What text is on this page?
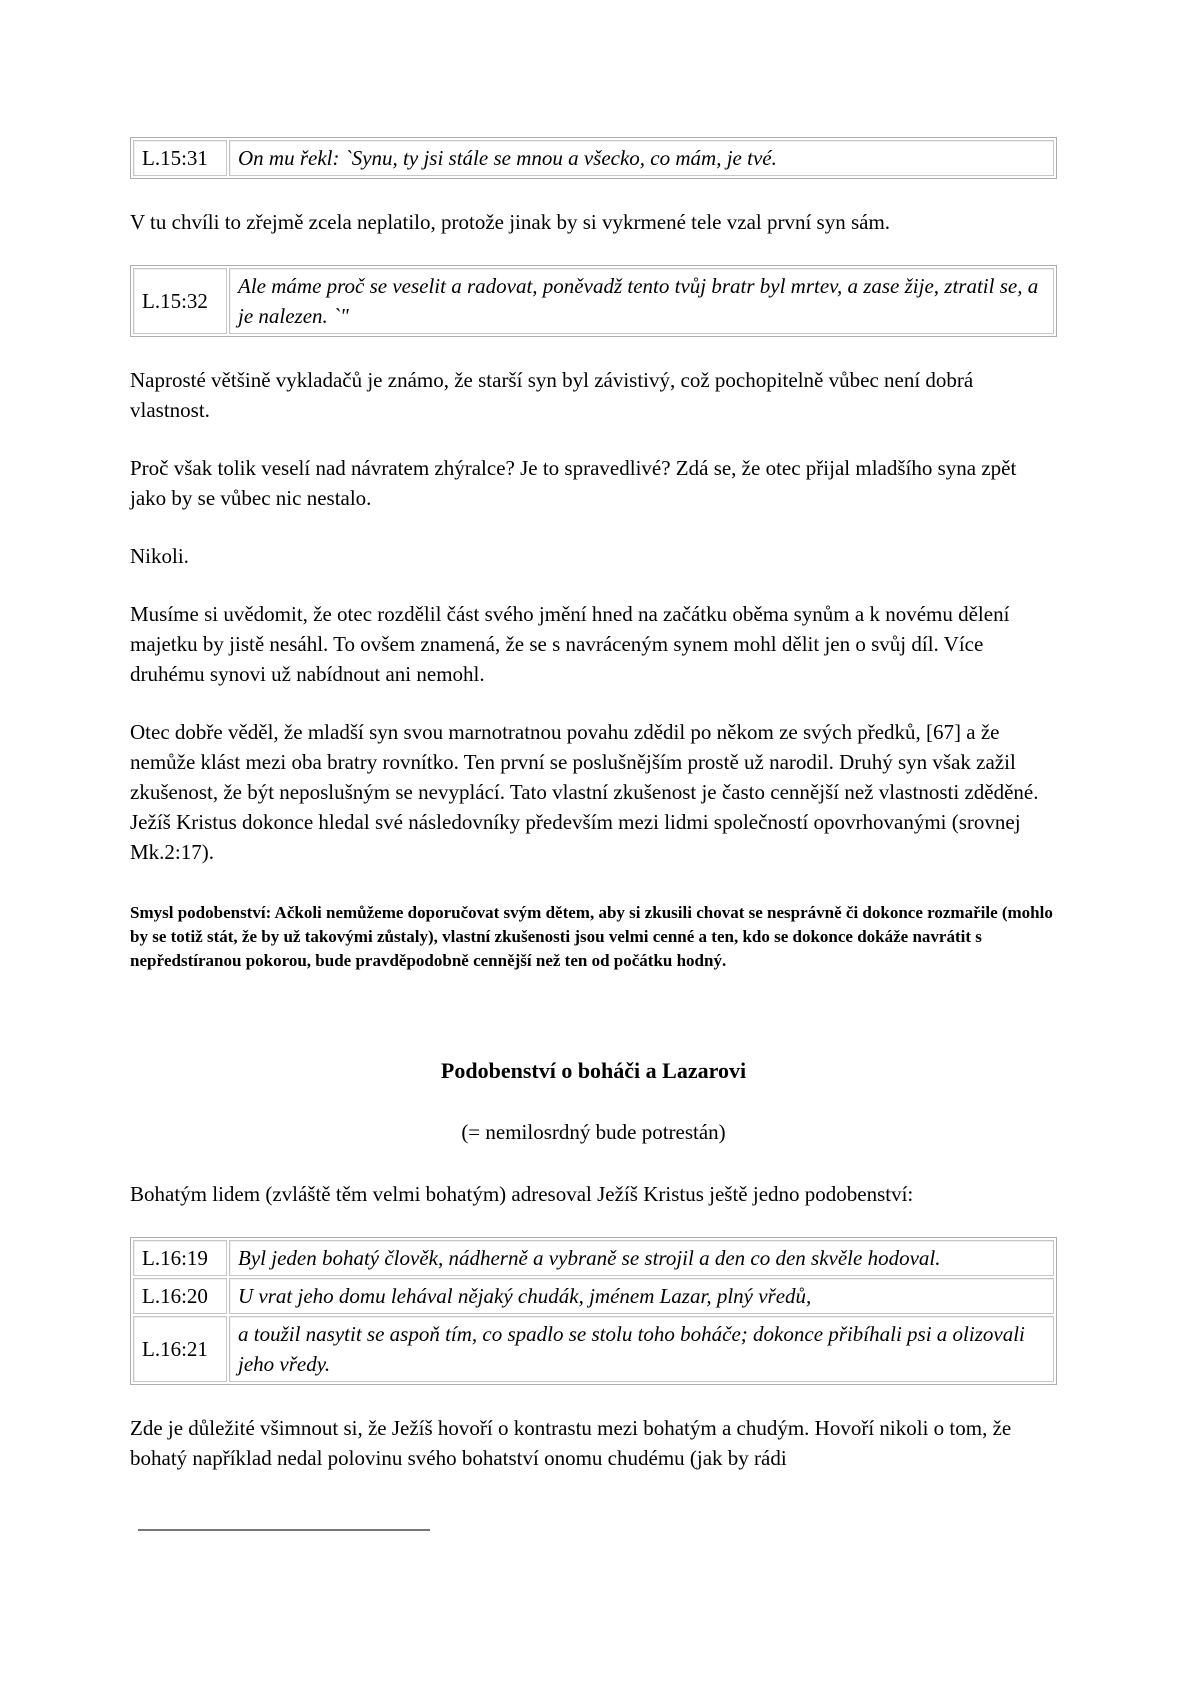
L.15:31	On mu řekl: `Synu, ty jsi stále se mnou a všecko, co mám, je tvé.

V tu chvíli to zřejmě zcela neplatilo, protože jinak by si vykrmené tele vzal první syn sám.

L.15:32	Ale máme proč se veselit a radovat, poněvadž tento tvůj bratr byl mrtev, a zase žije, ztratil se, a je nalezen. `"

Naprosté většině vykladačů je známo, že starší syn byl závistivý, což pochopitelně vůbec není dobrá vlastnost.

Proč však tolik veselí nad návratem zhýralce? Je to spravedlivé? Zdá se, že otec přijal mladšího syna zpět jako by se vůbec nic nestalo.

Nikoli.

Musíme si uvědomit, že otec rozdělil část svého jmění hned na začátku oběma synům a k novému dělení majetku by jistě nesáhl. To ovšem znamená, že se s navráceným synem mohl dělit jen o svůj díl. Více druhému synovi už nabídnout ani nemohl.

Otec dobře věděl, že mladší syn svou marnotratnou povahu zdědil po někom ze svých předků, [67] a že nemůže klást mezi oba bratry rovnítko. Ten první se poslušnějším prostě už narodil. Druhý syn však zažil zkušenost, že být neposlušným se nevyplácí. Tato vlastní zkušenost je často cennější než vlastnosti zděděné. Ježíš Kristus dokonce hledal své následovníky především mezi lidmi společností opovrhovanými (srovnej Mk.2:17).

Smysl podobenství: Ačkoli nemůžeme doporučovat svým dětem, aby si zkusili chovat se nesprávně či dokonce rozmařile (mohlo by se totiž stát, že by už takovými zůstaly), vlastní zkušenosti jsou velmi cenné a ten, kdo se dokonce dokáže navrátit s nepředstíranou pokorou, bude pravděpodobně cennější než ten od počátku hodný.

Podobenství o boháči a Lazarovi

(= nemilosrdný bude potrestán)

Bohatým lidem (zvláště těm velmi bohatým) adresoval Ježíš Kristus ještě jedno podobenství:

L.16:19	Byl jeden bohatý člověk, nádherně a vybraně se strojil a den co den skvěle hodoval.
L.16:20	U vrat jeho domu lehával nějaký chudák, jménem Lazar, plný vředů,
L.16:21	a toužil nasytit se aspoň tím, co spadlo se stolu toho boháče; dokonce přibíhali psi a olizovali jeho vředy.

Zde je důležité všimnout si, že Ježíš hovoří o kontrastu mezi bohatým a chudým. Hovoří nikoli o tom, že bohatý například nedal polovinu svého bohatství onomu chudému (jak by rádi
